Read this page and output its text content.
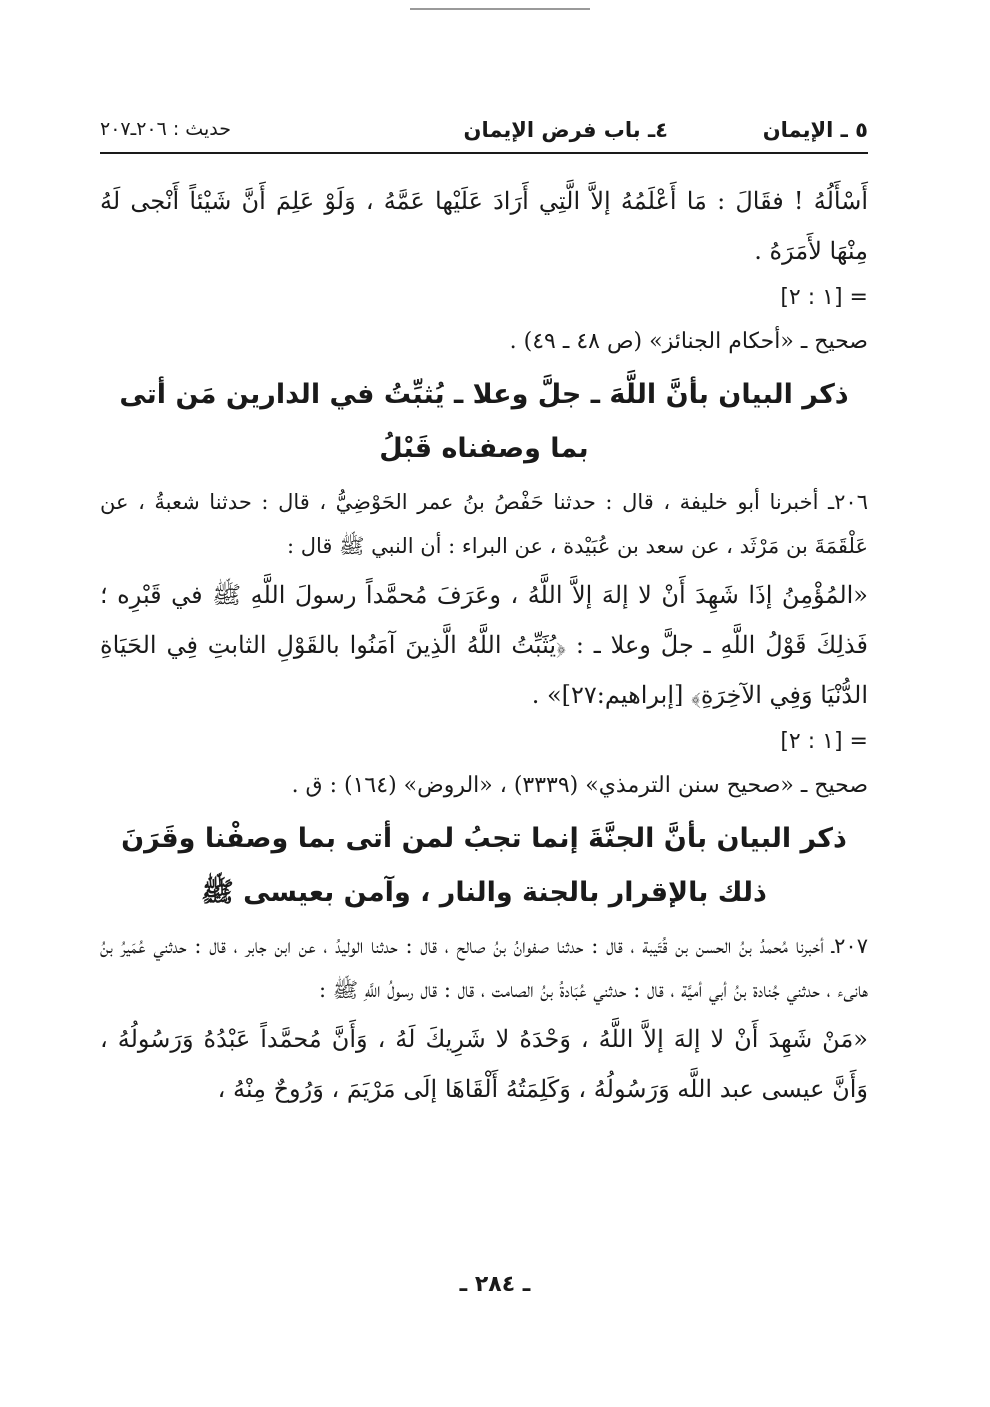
٥ ـ الإيمان
٤ـ باب فرض الإيمان
حديث : ٢٠٦ـ٢٠٧

أَسْأَلُهُ ! فقَالَ : مَا أَعْلَمُهُ إلاَّ الَّتِي أَرَادَ عَلَيْها عَمَّهُ ، وَلَوْ عَلِمَ أَنَّ شَيْئاً أَنْجى لَهُ مِنْهَا لأَمَرَهُ .

= [١ : ٢]

صحيح ـ «أحكام الجنائز» (ص ٤٨ ـ ٤٩) .

ذكر البيان بأنَّ اللَّهَ ـ جلَّ وعلا ـ يُثبِّتُ في الدارين مَن أتى بما وصفناه قَبْلُ

٢٠٦ـ أخبرنا أبو خليفة ، قال : حدثنا حَفْصُ بنُ عمر الحَوْضِيُّ ، قال : حدثنا شعبةُ ، عن عَلْقَمَةَ بن مَرْثَد ، عن سعد بن عُبَيْدة ، عن البراء : أن النبي ﷺ قال :

«المُؤْمِنُ إذَا شَهِدَ أَنْ لا إلهَ إلاَّ اللَّهُ ، وعَرَفَ مُحمَّداً رسولَ اللَّهِ ﷺ في قَبْرِه ؛ فَذلِكَ قَوْلُ اللَّهِ ـ جلَّ وعلا ـ : ﴿يُثَبِّتُ اللَّهُ الَّذِينَ آمَنُوا بالقَوْلِ الثابتِ فِي الحَيَاةِ الدُّنْيَا وَفِي الآخِرَةِ﴾ [إبراهيم:٢٧]» .

= [١ : ٢]

صحيح ـ «صحيح سنن الترمذي» (٣٣٣٩) ، «الروض» (١٦٤) : ق .

ذكر البيان بأنَّ الجنَّةَ إنما تجبُ لمن أتى بما وصفْنا وقَرَنَ ذلك بالإقرار بالجنة والنار ، وآمن بعيسى ﷺ

٢٠٧ـ أخبرنا مُحمدُ بنُ الحسن بن قُتَيبة ، قال : حدثنا صفوانُ بنُ صالح ، قال : حدثنا الوليدُ ، عن ابن جابر ، قال : حدثني عُمَيرُ بنُ هانىء ، حدثني جُنادة بنُ أبي أميَّة ، قال : حدثني عُبَادةُ بنُ الصامت ، قال : قال رسولُ اللَّهِ ﷺ :

«مَنْ شَهِدَ أَنْ لا إلهَ إلاَّ اللَّهُ ، وَحْدَهُ لا شَرِيكَ لَهُ ، وَأَنَّ مُحمَّداً عَبْدُهُ وَرَسُولُهُ ، وَأَنَّ عيسى عبد اللَّه وَرَسُولُهُ ، وَكَلِمَتُهُ أَلْقَاهَا إلَى مَرْيَمَ ، وَرُوحٌ مِنْهُ ،

ـ ٢٨٤ ـ
